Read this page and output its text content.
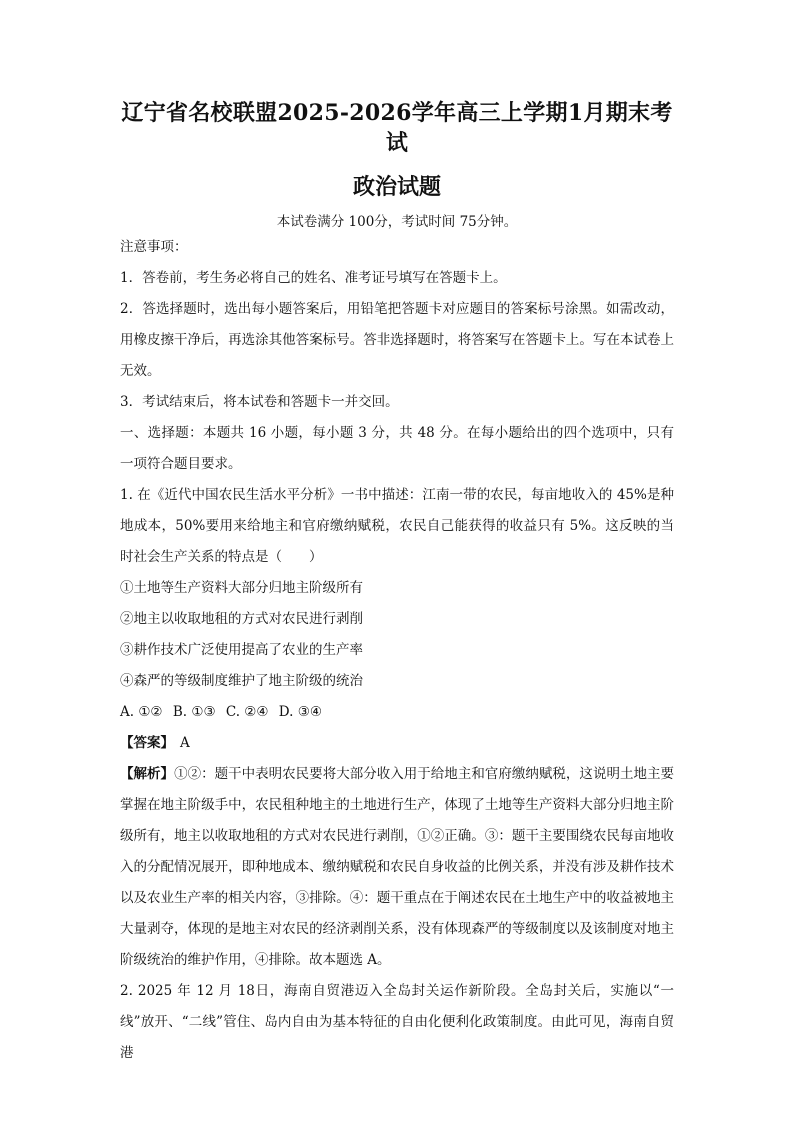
辽宁省名校联盟2025-2026学年高三上学期1月期末考试
政治试题

本试卷满分 100分，考试时间 75分钟。

注意事项：

1．答卷前，考生务必将自己的姓名、准考证号填写在答题卡上。

2．答选择题时，选出每小题答案后，用铅笔把答题卡对应题目的答案标号涂黑。如需改动，用橡皮擦干净后，再选涂其他答案标号。答非选择题时，将答案写在答题卡上。写在本试卷上无效。

3．考试结束后，将本试卷和答题卡一并交回。

一、选择题：本题共 16 小题，每小题 3 分，共 48 分。在每小题给出的四个选项中，只有一项符合题目要求。

1. 在《近代中国农民生活水平分析》一书中描述：江南一带的农民，每亩地收入的 45%是种地成本，50%要用来给地主和官府缴纳赋税，农民自己能获得的收益只有 5%。这反映的当时社会生产关系的特点是（　　）

①土地等生产资料大部分归地主阶级所有

②地主以收取地租的方式对农民进行剥削

③耕作技术广泛使用提高了农业的生产率

④森严的等级制度维护了地主阶级的统治

A. ①② B. ①③ C. ②④ D. ③④

【答案】 A

【解析】①②：题干中表明农民要将大部分收入用于给地主和官府缴纳赋税，这说明土地主要掌握在地主阶级手中，农民租种地主的土地进行生产，体现了土地等生产资料大部分归地主阶级所有，地主以收取地租的方式对农民进行剥削，①②正确。③：题干主要围绕农民每亩地收入的分配情况展开，即种地成本、缴纳赋税和农民自身收益的比例关系，并没有涉及耕作技术以及农业生产率的相关内容，③排除。④：题干重点在于阐述农民在土地生产中的收益被地主大量剥夺，体现的是地主对农民的经济剥削关系，没有体现森严的等级制度以及该制度对地主阶级统治的维护作用，④排除。故本题选 A。

2. 2025 年 12 月 18日，海南自贸港迈入全岛封关运作新阶段。全岛封关后，实施以“一线”放开、“二线”管住、岛内自由为基本特征的自由化便利化政策制度。由此可见，海南自贸港
